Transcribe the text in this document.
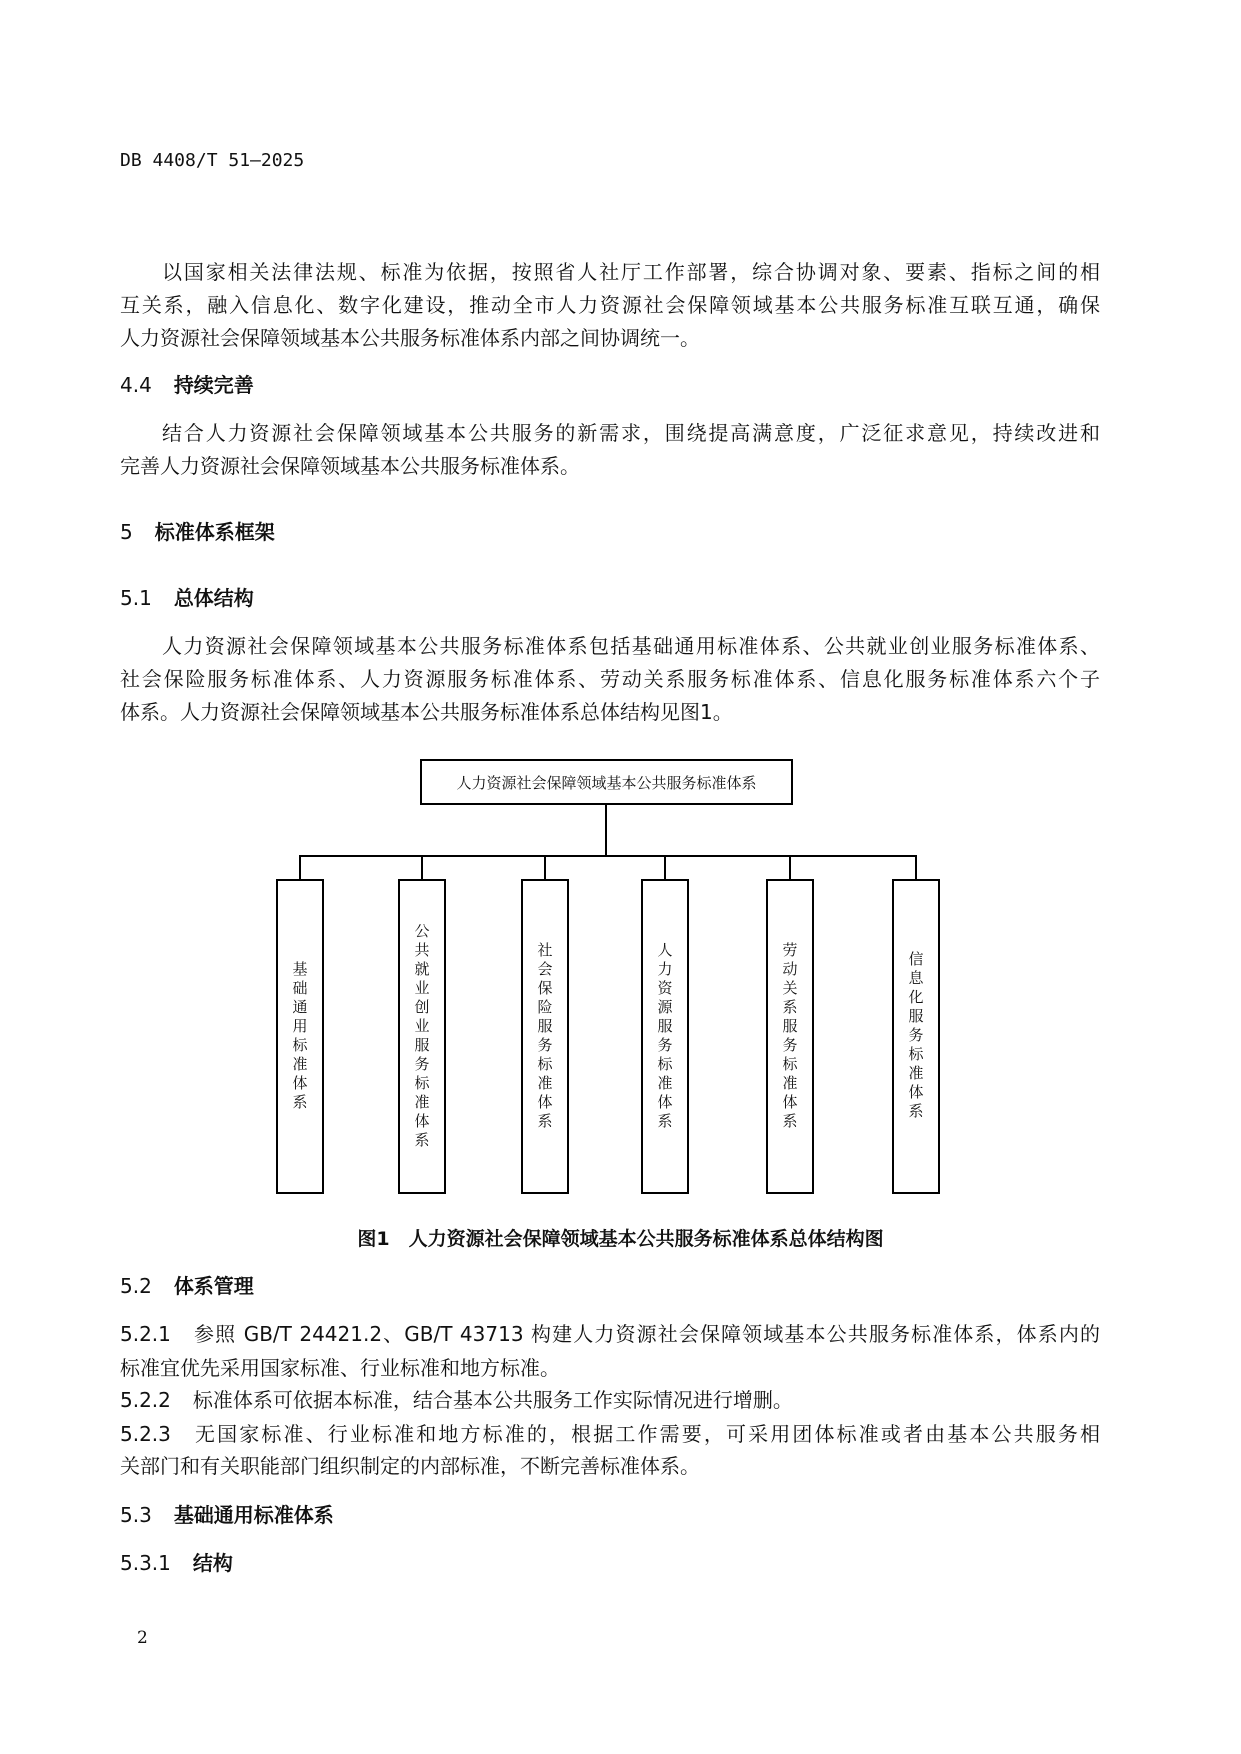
DB 4408/T 51—2025
以国家相关法律法规、标准为依据，按照省人社厅工作部署，综合协调对象、要素、指标之间的相
互关系，融入信息化、数字化建设，推动全市人力资源社会保障领域基本公共服务标准互联互通，确保
人力资源社会保障领域基本公共服务标准体系内部之间协调统一。
4.4 持续完善
结合人力资源社会保障领域基本公共服务的新需求，围绕提高满意度，广泛征求意见，持续改进和
完善人力资源社会保障领域基本公共服务标准体系。
5 标准体系框架
5.1 总体结构
人力资源社会保障领域基本公共服务标准体系包括基础通用标准体系、公共就业创业服务标准体系、
社会保险服务标准体系、人力资源服务标准体系、劳动关系服务标准体系、信息化服务标准体系六个子
体系。人力资源社会保障领域基本公共服务标准体系总体结构见图1。
人力资源社会保障领域基本公共服务标准体系
基础通用标准体系	公共就业创业服务标准体系	社会保险服务标准体系	人力资源服务标准体系	劳动关系服务标准体系	信息化服务标准体系
图1　人力资源社会保障领域基本公共服务标准体系总体结构图
5.2 体系管理
5.2.1 参照 GB/T 24421.2、GB/T 43713 构建人力资源社会保障领域基本公共服务标准体系，体系内的
标准宜优先采用国家标准、行业标准和地方标准。
5.2.2 标准体系可依据本标准，结合基本公共服务工作实际情况进行增删。
5.2.3 无国家标准、行业标准和地方标准的，根据工作需要，可采用团体标准或者由基本公共服务相
关部门和有关职能部门组织制定的内部标准，不断完善标准体系。
5.3 基础通用标准体系
5.3.1 结构
2
